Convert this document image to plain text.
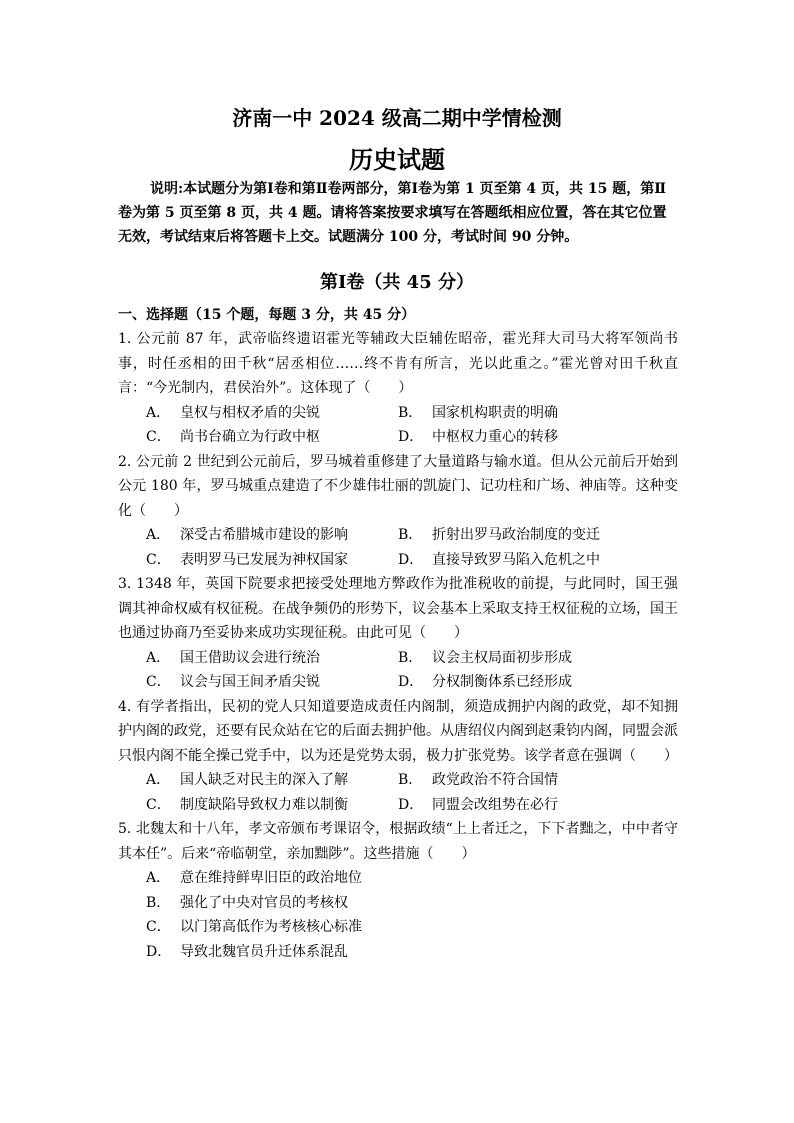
济南一中 2024 级高二期中学情检测
历史试题
说明:本试题分为第Ⅰ卷和第Ⅱ卷两部分，第Ⅰ卷为第 1 页至第 4 页，共 15 题，第Ⅱ卷为第 5 页至第 8 页，共 4 题。请将答案按要求填写在答题纸相应位置，答在其它位置无效，考试结束后将答题卡上交。试题满分 100 分，考试时间 90 分钟。
第Ⅰ卷（共 45 分）
一、选择题（15 个题，每题 3 分，共 45 分）

1. 公元前 87 年，武帝临终遗诏霍光等辅政大臣辅佐昭帝，霍光拜大司马大将军领尚书事，时任丞相的田千秋“居丞相位……终不肯有所言，光以此重之。”霍光曾对田千秋直言：“今光制内，君侯治外”。这体现了（　　）

A． 皇权与相权矛盾的尖锐	B． 国家机构职责的明确
C． 尚书台确立为行政中枢	D． 中枢权力重心的转移

2. 公元前 2 世纪到公元前后，罗马城着重修建了大量道路与输水道。但从公元前后开始到公元 180 年，罗马城重点建造了不少雄伟壮丽的凯旋门、记功柱和广场、神庙等。这种变化（　　）

A． 深受古希腊城市建设的影响	B． 折射出罗马政治制度的变迁
C． 表明罗马已发展为神权国家	D． 直接导致罗马陷入危机之中

3. 1348 年，英国下院要求把接受处理地方弊政作为批准税收的前提，与此同时，国王强调其神命权威有权征税。在战争频仍的形势下，议会基本上采取支持王权征税的立场，国王也通过协商乃至妥协来成功实现征税。由此可见（　　）

A． 国王借助议会进行统治	B． 议会主权局面初步形成
C． 议会与国王间矛盾尖锐	D． 分权制衡体系已经形成

4. 有学者指出，民初的党人只知道要造成责任内阁制，须造成拥护内阁的政党，却不知拥护内阁的政党，还要有民众站在它的后面去拥护他。从唐绍仪内阁到赵秉钧内阁，同盟会派只恨内阁不能全操己党手中，以为还是党势太弱，极力扩张党势。该学者意在强调（　　）

A． 国人缺乏对民主的深入了解	B． 政党政治不符合国情
C． 制度缺陷导致权力难以制衡	D． 同盟会改组势在必行

5. 北魏太和十八年，孝文帝颁布考课诏令，根据政绩“上上者迁之，下下者黜之，中中者守其本任”。后来“帝临朝堂，亲加黜陟”。这些措施（　　）

A． 意在维持鲜卑旧臣的政治地位
B． 强化了中央对官员的考核权
C． 以门第高低作为考核核心标准
D． 导致北魏官员升迁体系混乱
